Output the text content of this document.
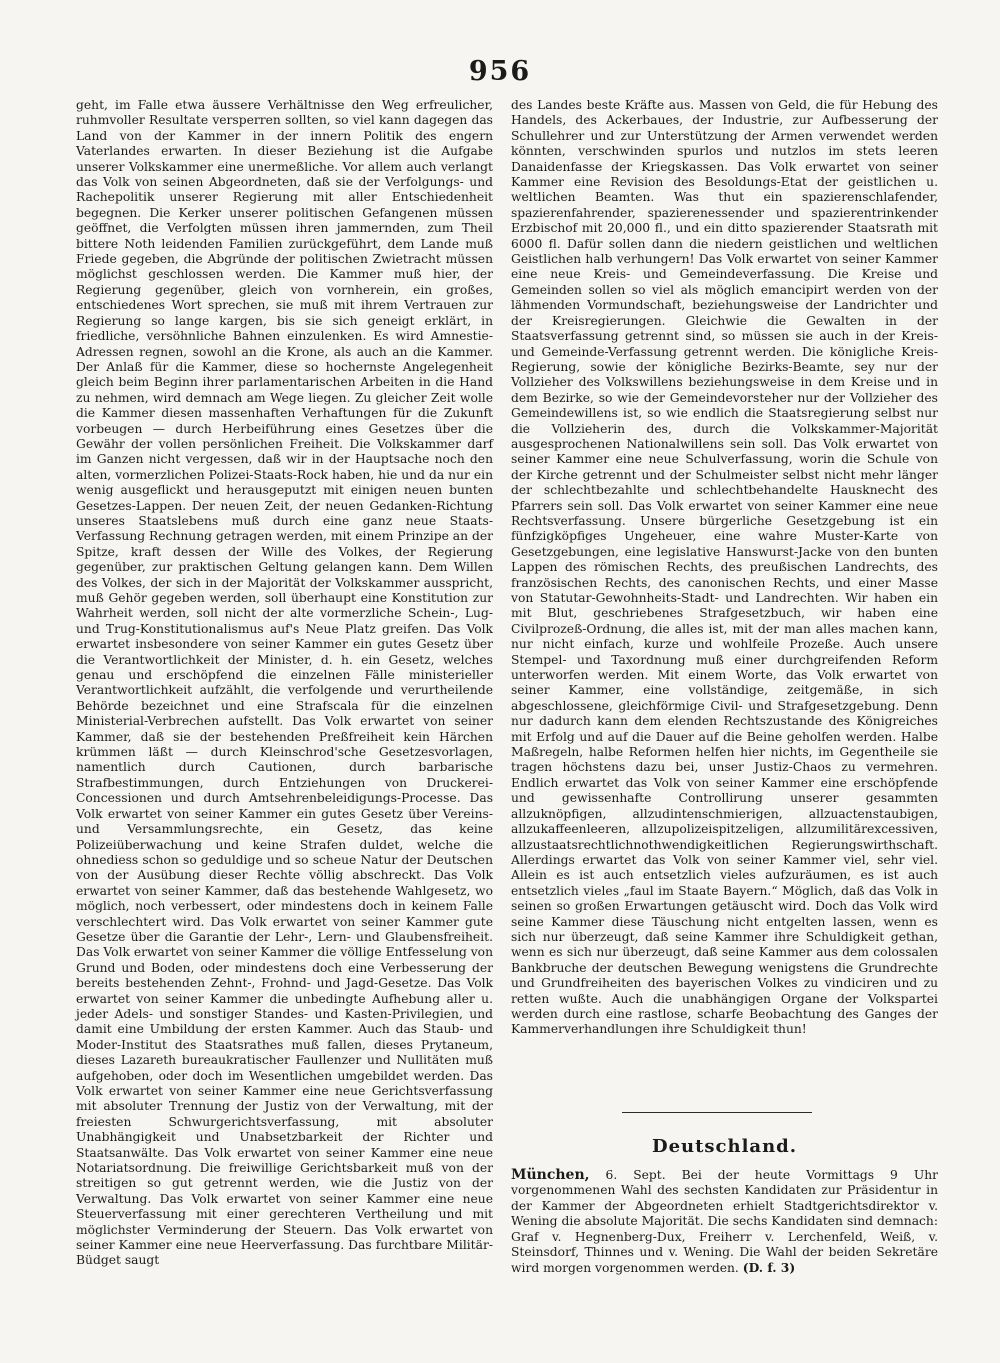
956

geht, im Falle etwa äussere Verhältnisse den Weg erfreulicher, ruhmvoller Resultate versperren sollten, so viel kann dagegen das Land von der Kammer in der innern Politik des engern Vaterlandes erwarten. In dieser Beziehung ist die Aufgabe unserer Volkskammer eine unermeßliche. Vor allem auch verlangt das Volk von seinen Abgeordneten, daß sie der Verfolgungs- und Rachepolitik unserer Regierung mit aller Entschiedenheit begegnen. Die Kerker unserer politischen Gefangenen müssen geöffnet, die Verfolgten müssen ihren jammernden, zum Theil bittere Noth leidenden Familien zurückgeführt, dem Lande muß Friede gegeben, die Abgründe der politischen Zwietracht müssen möglichst geschlossen werden. Die Kammer muß hier, der Regierung gegenüber, gleich von vornherein, ein großes, entschiedenes Wort sprechen, sie muß mit ihrem Vertrauen zur Regierung so lange kargen, bis sie sich geneigt erklärt, in friedliche, versöhnliche Bahnen einzulenken. Es wird Amnestie-Adressen regnen, sowohl an die Krone, als auch an die Kammer. Der Anlaß für die Kammer, diese so hochernste Angelegenheit gleich beim Beginn ihrer parlamentarischen Arbeiten in die Hand zu nehmen, wird demnach am Wege liegen. Zu gleicher Zeit wolle die Kammer diesen massenhaften Verhaftungen für die Zukunft vorbeugen — durch Herbeiführung eines Gesetzes über die Gewähr der vollen persönlichen Freiheit. Die Volkskammer darf im Ganzen nicht vergessen, daß wir in der Hauptsache noch den alten, vormerzlichen Polizei-Staats-Rock haben, hie und da nur ein wenig ausgeflickt und herausgeputzt mit einigen neuen bunten Gesetzes-Lappen. Der neuen Zeit, der neuen Gedanken-Richtung unseres Staatslebens muß durch eine ganz neue Staats-Verfassung Rechnung getragen werden, mit einem Prinzipe an der Spitze, kraft dessen der Wille des Volkes, der Regierung gegenüber, zur praktischen Geltung gelangen kann. Dem Willen des Volkes, der sich in der Majorität der Volkskammer ausspricht, muß Gehör gegeben werden, soll überhaupt eine Konstitution zur Wahrheit werden, soll nicht der alte vormerzliche Schein-, Lug- und Trug-Konstitutionalismus auf's Neue Platz greifen. Das Volk erwartet insbesondere von seiner Kammer ein gutes Gesetz über die Verantwortlichkeit der Minister, d. h. ein Gesetz, welches genau und erschöpfend die einzelnen Fälle ministerieller Verantwortlichkeit aufzählt, die verfolgende und verurtheilende Behörde bezeichnet und eine Strafscala für die einzelnen Ministerial-Verbrechen aufstellt. Das Volk erwartet von seiner Kammer, daß sie der bestehenden Preßfreiheit kein Härchen krümmen läßt — durch Kleinschrod'sche Gesetzesvorlagen, namentlich durch Cautionen, durch barbarische Strafbestimmungen, durch Entziehungen von Druckerei-Concessionen und durch Amtsehrenbeleidigungs-Processe. Das Volk erwartet von seiner Kammer ein gutes Gesetz über Vereins- und Versammlungsrechte, ein Gesetz, das keine Polizeiüberwachung und keine Strafen duldet, welche die ohnediess schon so geduldige und so scheue Natur der Deutschen von der Ausübung dieser Rechte völlig abschreckt. Das Volk erwartet von seiner Kammer, daß das bestehende Wahlgesetz, wo möglich, noch verbessert, oder mindestens doch in keinem Falle verschlechtert wird. Das Volk erwartet von seiner Kammer gute Gesetze über die Garantie der Lehr-, Lern- und Glaubensfreiheit. Das Volk erwartet von seiner Kammer die völlige Entfesselung von Grund und Boden, oder mindestens doch eine Verbesserung der bereits bestehenden Zehnt-, Frohnd- und Jagd-Gesetze. Das Volk erwartet von seiner Kammer die unbedingte Aufhebung aller u. jeder Adels- und sonstiger Standes- und Kasten-Privilegien, und damit eine Umbildung der ersten Kammer. Auch das Staub- und Moder-Institut des Staatsrathes muß fallen, dieses Prytaneum, dieses Lazareth bureaukratischer Faullenzer und Nullitäten muß aufgehoben, oder doch im Wesentlichen umgebildet werden. Das Volk erwartet von seiner Kammer eine neue Gerichtsverfassung mit absoluter Trennung der Justiz von der Verwaltung, mit der freiesten Schwurgerichtsverfassung, mit absoluter Unabhängigkeit und Unabsetzbarkeit der Richter und Staatsanwälte. Das Volk erwartet von seiner Kammer eine neue Notariatsordnung. Die freiwillige Gerichtsbarkeit muß von der streitigen so gut getrennt werden, wie die Justiz von der Verwaltung. Das Volk erwartet von seiner Kammer eine neue Steuerverfassung mit einer gerechteren Vertheilung und mit möglichster Verminderung der Steuern. Das Volk erwartet von seiner Kammer eine neue Heerverfassung. Das furchtbare Militär-Büdget saugt

des Landes beste Kräfte aus. Massen von Geld, die für Hebung des Handels, des Ackerbaues, der Industrie, zur Aufbesserung der Schullehrer und zur Unterstützung der Armen verwendet werden könnten, verschwinden spurlos und nutzlos im stets leeren Danaidenfasse der Kriegskassen. Das Volk erwartet von seiner Kammer eine Revision des Besoldungs-Etat der geistlichen u. weltlichen Beamten. Was thut ein spazierenschlafender, spazierenfahrender, spazierenessender und spazierentrinkender Erzbischof mit 20,000 fl., und ein ditto spazierender Staatsrath mit 6000 fl. Dafür sollen dann die niedern geistlichen und weltlichen Geistlichen halb verhungern! Das Volk erwartet von seiner Kammer eine neue Kreis- und Gemeindeverfassung. Die Kreise und Gemeinden sollen so viel als möglich emancipirt werden von der lähmenden Vormundschaft, beziehungsweise der Landrichter und der Kreisregierungen. Gleichwie die Gewalten in der Staatsverfassung getrennt sind, so müssen sie auch in der Kreis- und Gemeinde-Verfassung getrennt werden. Die königliche Kreis-Regierung, sowie der königliche Bezirks-Beamte, sey nur der Vollzieher des Volkswillens beziehungsweise in dem Kreise und in dem Bezirke, so wie der Gemeindevorsteher nur der Vollzieher des Gemeindewillens ist, so wie endlich die Staatsregierung selbst nur die Vollzieherin des, durch die Volkskammer-Majorität ausgesprochenen Nationalwillens sein soll. Das Volk erwartet von seiner Kammer eine neue Schulverfassung, worin die Schule von der Kirche getrennt und der Schulmeister selbst nicht mehr länger der schlechtbezahlte und schlechtbehandelte Hausknecht des Pfarrers sein soll. Das Volk erwartet von seiner Kammer eine neue Rechtsverfassung. Unsere bürgerliche Gesetzgebung ist ein fünfzigköpfiges Ungeheuer, eine wahre Muster-Karte von Gesetzgebungen, eine legislative Hanswurst-Jacke von den bunten Lappen des römischen Rechts, des preußischen Landrechts, des französischen Rechts, des canonischen Rechts, und einer Masse von Statutar-Gewohnheits-Stadt- und Landrechten. Wir haben ein mit Blut, geschriebenes Strafgesetzbuch, wir haben eine Civilprozeß-Ordnung, die alles ist, mit der man alles machen kann, nur nicht einfach, kurze und wohlfeile Prozeße. Auch unsere Stempel- und Taxordnung muß einer durchgreifenden Reform unterworfen werden. Mit einem Worte, das Volk erwartet von seiner Kammer, eine vollständige, zeitgemäße, in sich abgeschlossene, gleichförmige Civil- und Strafgesetzgebung. Denn nur dadurch kann dem elenden Rechtszustande des Königreiches mit Erfolg und auf die Dauer auf die Beine geholfen werden. Halbe Maßregeln, halbe Reformen helfen hier nichts, im Gegentheile sie tragen höchstens dazu bei, unser Justiz-Chaos zu vermehren. Endlich erwartet das Volk von seiner Kammer eine erschöpfende und gewissenhafte Controllirung unserer gesammten allzuknöpfigen, allzudintenschmierigen, allzuactenstaubigen, allzukaffeenleeren, allzupolizeispitzeligen, allzumilitärexcessiven, allzustaatsrechtlichnothwendigkeitlichen Regierungswirthschaft. Allerdings erwartet das Volk von seiner Kammer viel, sehr viel. Allein es ist auch entsetzlich vieles aufzuräumen, es ist auch entsetzlich vieles „faul im Staate Bayern.“ Möglich, daß das Volk in seinen so großen Erwartungen getäuscht wird. Doch das Volk wird seine Kammer diese Täuschung nicht entgelten lassen, wenn es sich nur überzeugt, daß seine Kammer ihre Schuldigkeit gethan, wenn es sich nur überzeugt, daß seine Kammer aus dem colossalen Bankbruche der deutschen Bewegung wenigstens die Grundrechte und Grundfreiheiten des bayerischen Volkes zu vindiciren und zu retten wußte. Auch die unabhängigen Organe der Volkspartei werden durch eine rastlose, scharfe Beobachtung des Ganges der Kammerverhandlungen ihre Schuldigkeit thun!

Deutschland.

München, 6. Sept. Bei der heute Vormittags 9 Uhr vorgenommenen Wahl des sechsten Kandidaten zur Präsidentur in der Kammer der Abgeordneten erhielt Stadtgerichtsdirektor v. Wening die absolute Majorität. Die sechs Kandidaten sind demnach: Graf v. Hegnenberg-Dux, Freiherr v. Lerchenfeld, Weiß, v. Steinsdorf, Thinnes und v. Wening. Die Wahl der beiden Sekretäre wird morgen vorgenommen werden. (D. f. 3)
